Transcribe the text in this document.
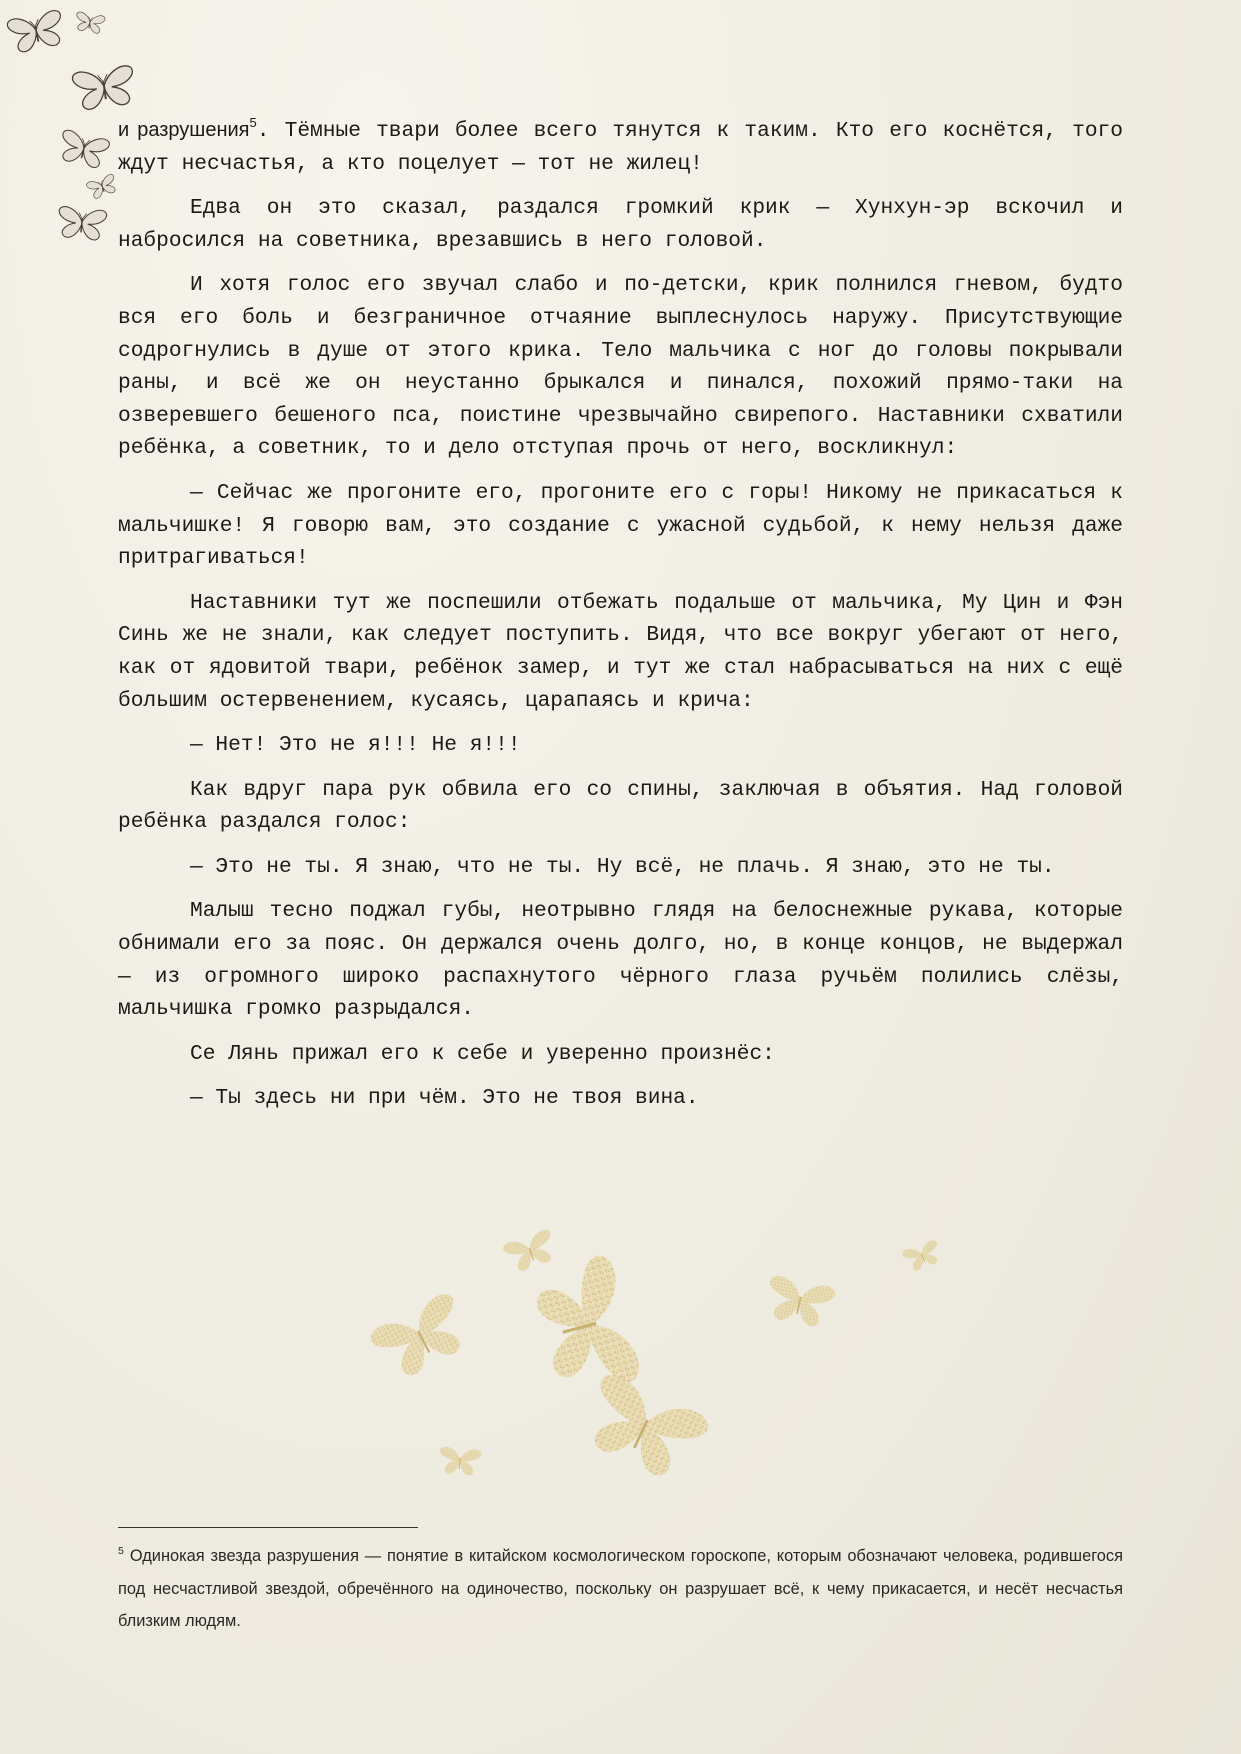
и разрушения$^5$. Тёмные твари более всего тянутся к таким. Кто его коснётся, того ждут несчастья, а кто поцелует — тот не жилец!

Едва он это сказал, раздался громкий крик — Хунхун-эр вскочил и набросился на советника, врезавшись в него головой.

И хотя голос его звучал слабо и по-детски, крик полнился гневом, будто вся его боль и безграничное отчаяние выплеснулось наружу. Присутствующие содрогнулись в душе от этого крика. Тело мальчика с ног до головы покрывали раны, и всё же он неустанно брыкался и пинался, похожий прямо-таки на озверевшего бешеного пса, поистине чрезвычайно свирепого. Наставники схватили ребёнка, а советник, то и дело отступая прочь от него, воскликнул:

— Сейчас же прогоните его, прогоните его с горы! Никому не прикасаться к мальчишке! Я говорю вам, это создание с ужасной судьбой, к нему нельзя даже притрагиваться!

Наставники тут же поспешили отбежать подальше от мальчика, Му Цин и Фэн Синь же не знали, как следует поступить. Видя, что все вокруг убегают от него, как от ядовитой твари, ребёнок замер, и тут же стал набрасываться на них с ещё большим остервенением, кусаясь, царапаясь и крича:

— Нет! Это не я!!! Не я!!!

Как вдруг пара рук обвила его со спины, заключая в объятия. Над головой ребёнка раздался голос:

— Это не ты. Я знаю, что не ты. Ну всё, не плачь. Я знаю, это не ты.

Малыш тесно поджал губы, неотрывно глядя на белоснежные рукава, которые обнимали его за пояс. Он держался очень долго, но, в конце концов, не выдержал — из огромного широко распахнутого чёрного глаза ручьём полились слёзы, мальчишка громко разрыдался.

Се Лянь прижал его к себе и уверенно произнёс:

— Ты здесь ни при чём. Это не твоя вина.

$^5$ Одинокая звезда разрушения — понятие в китайском космологическом гороскопе, которым обозначают человека, родившегося под несчастливой звездой, обречённого на одиночество, поскольку он разрушает всё, к чему прикасается, и несёт несчастья близким людям.
